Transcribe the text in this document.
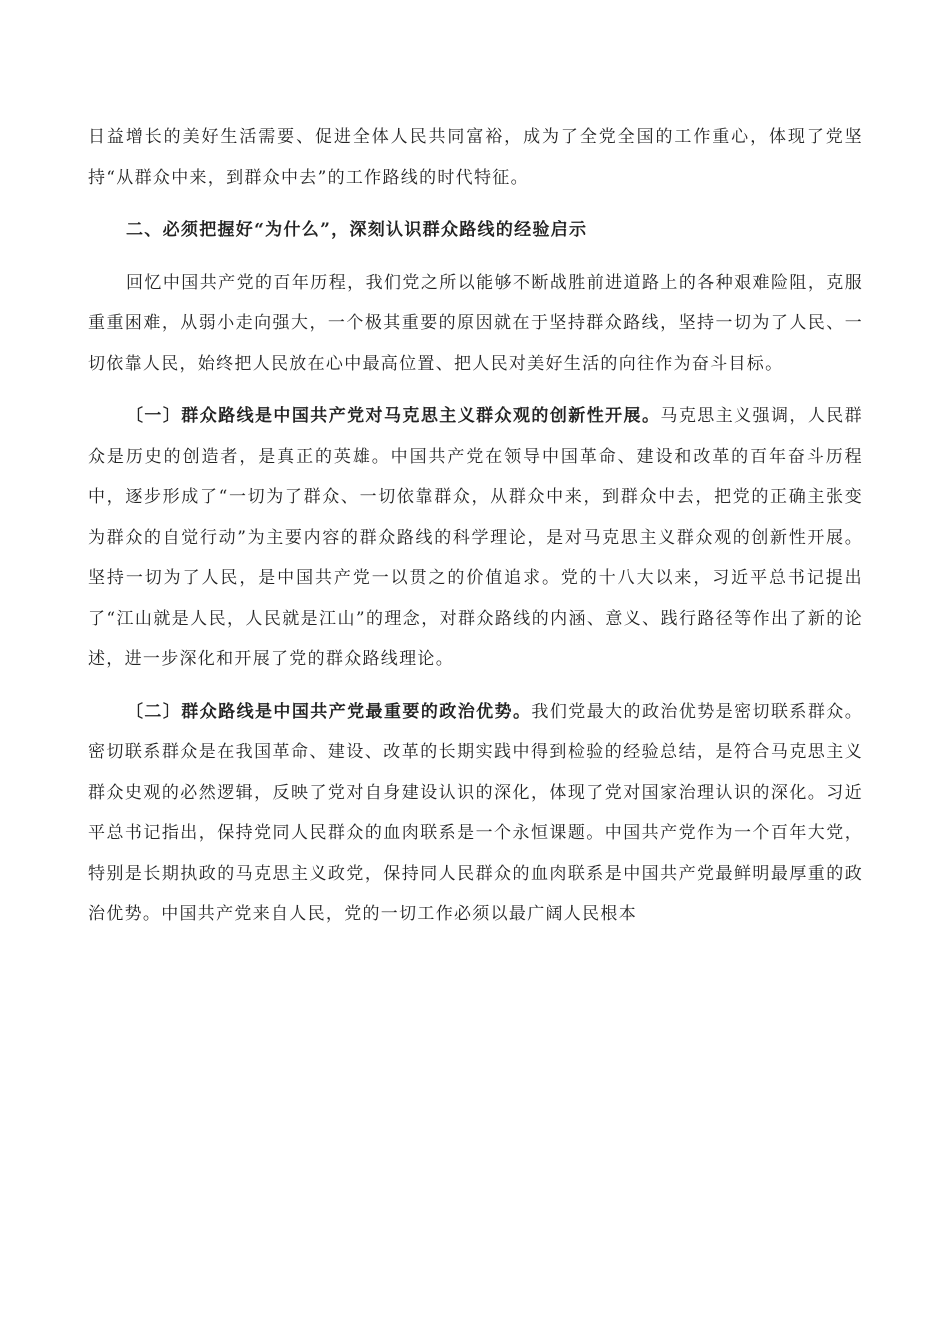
日益增长的美好生活需要、促进全体人民共同富裕，成为了全党全国的工作重心，体现了党坚持“从群众中来，到群众中去”的工作路线的时代特征。

二、必须把握好“为什么”，深刻认识群众路线的经验启示

回忆中国共产党的百年历程，我们党之所以能够不断战胜前进道路上的各种艰难险阻，克服重重困难，从弱小走向强大，一个极其重要的原因就在于坚持群众路线，坚持一切为了人民、一切依靠人民，始终把人民放在心中最高位置、把人民对美好生活的向往作为奋斗目标。

〔一〕群众路线是中国共产党对马克思主义群众观的创新性开展。马克思主义强调，人民群众是历史的创造者，是真正的英雄。中国共产党在领导中国革命、建设和改革的百年奋斗历程中，逐步形成了“一切为了群众、一切依靠群众，从群众中来，到群众中去，把党的正确主张变为群众的自觉行动”为主要内容的群众路线的科学理论，是对马克思主义群众观的创新性开展。坚持一切为了人民，是中国共产党一以贯之的价值追求。党的十八大以来，习近平总书记提出了“江山就是人民，人民就是江山”的理念，对群众路线的内涵、意义、践行路径等作出了新的论述，进一步深化和开展了党的群众路线理论。

〔二〕群众路线是中国共产党最重要的政治优势。我们党最大的政治优势是密切联系群众。密切联系群众是在我国革命、建设、改革的长期实践中得到检验的经验总结，是符合马克思主义群众史观的必然逻辑，反映了党对自身建设认识的深化，体现了党对国家治理认识的深化。习近平总书记指出，保持党同人民群众的血肉联系是一个永恒课题。中国共产党作为一个百年大党，特别是长期执政的马克思主义政党，保持同人民群众的血肉联系是中国共产党最鲜明最厚重的政治优势。中国共产党来自人民，党的一切工作必须以最广阔人民根本
